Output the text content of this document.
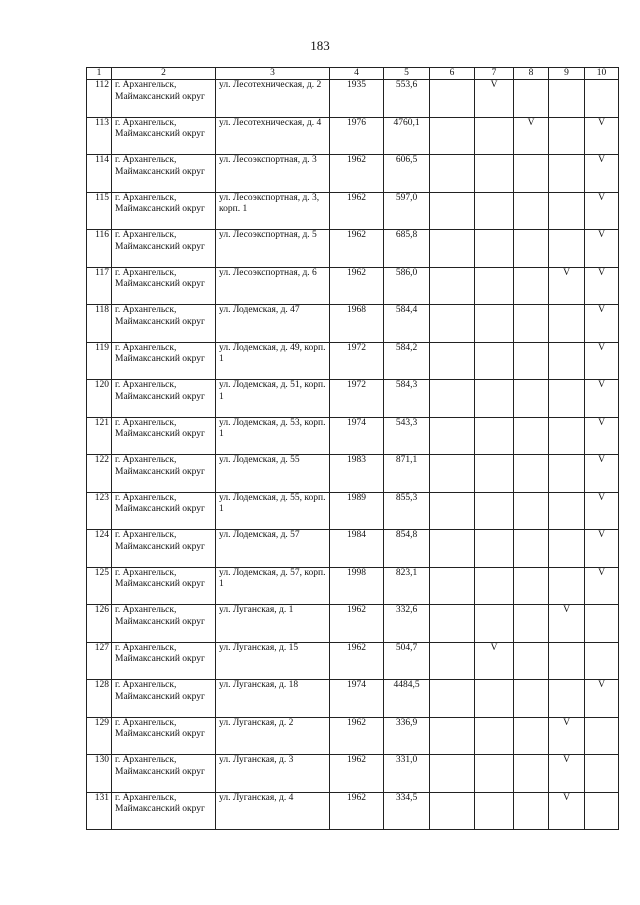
183
1	2	3	4	5	6	7	8	9	10
112	г. Архангельск, Маймаксанский округ	ул. Лесотехническая, д. 2	1935	553,6		V			
113	г. Архангельск, Маймаксанский округ	ул. Лесотехническая, д. 4	1976	4760,1			V		V
114	г. Архангельск, Маймаксанский округ	ул. Лесоэкспортная, д. 3	1962	606,5					V
115	г. Архангельск, Маймаксанский округ	ул. Лесоэкспортная, д. 3, корп. 1	1962	597,0					V
116	г. Архангельск, Маймаксанский округ	ул. Лесоэкспортная, д. 5	1962	685,8					V
117	г. Архангельск, Маймаксанский округ	ул. Лесоэкспортная, д. 6	1962	586,0				V	V
118	г. Архангельск, Маймаксанский округ	ул. Лодемская, д. 47	1968	584,4					V
119	г. Архангельск, Маймаксанский округ	ул. Лодемская, д. 49, корп. 1	1972	584,2					V
120	г. Архангельск, Маймаксанский округ	ул. Лодемская, д. 51, корп. 1	1972	584,3					V
121	г. Архангельск, Маймаксанский округ	ул. Лодемская, д. 53, корп. 1	1974	543,3					V
122	г. Архангельск, Маймаксанский округ	ул. Лодемская, д. 55	1983	871,1					V
123	г. Архангельск, Маймаксанский округ	ул. Лодемская, д. 55, корп. 1	1989	855,3					V
124	г. Архангельск, Маймаксанский округ	ул. Лодемская, д. 57	1984	854,8					V
125	г. Архангельск, Маймаксанский округ	ул. Лодемская, д. 57, корп. 1	1998	823,1					V
126	г. Архангельск, Маймаксанский округ	ул. Луганская, д. 1	1962	332,6				V	
127	г. Архангельск, Маймаксанский округ	ул. Луганская, д. 15	1962	504,7		V			
128	г. Архангельск, Маймаксанский округ	ул. Луганская, д. 18	1974	4484,5					V
129	г. Архангельск, Маймаксанский округ	ул. Луганская, д. 2	1962	336,9				V	
130	г. Архангельск, Маймаксанский округ	ул. Луганская, д. 3	1962	331,0				V	
131	г. Архангельск, Маймаксанский округ	ул. Луганская, д. 4	1962	334,5				V	
